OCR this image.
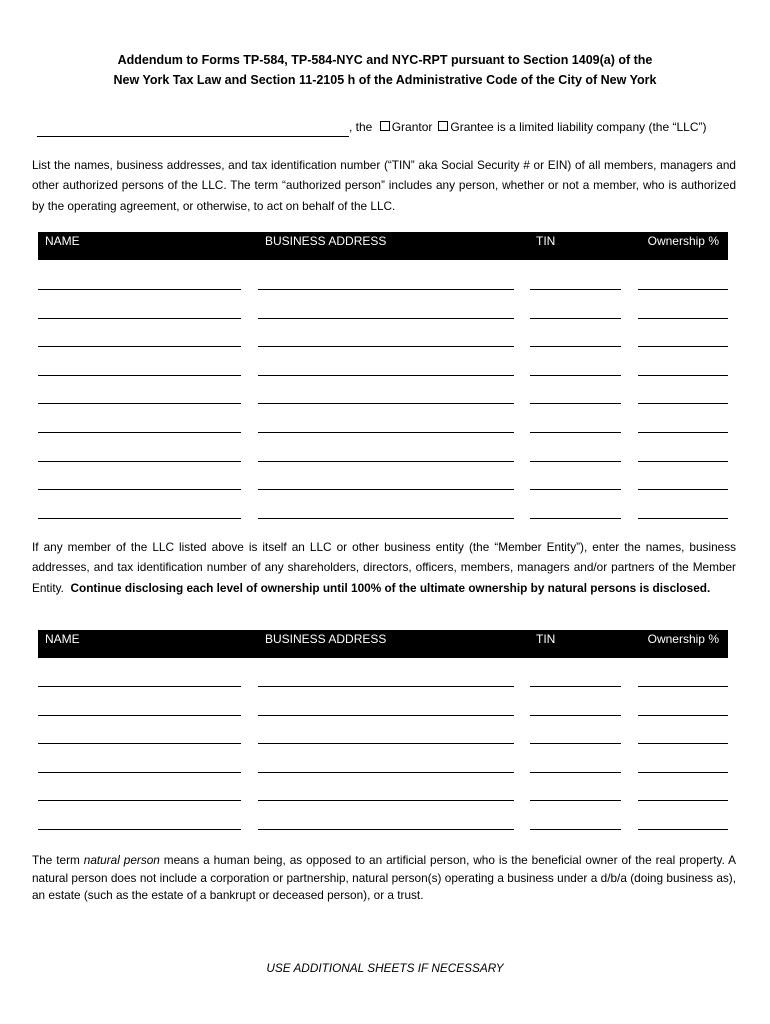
Addendum to Forms TP-584, TP-584-NYC and NYC-RPT pursuant to Section 1409(a) of the
New York Tax Law and Section 11-2105 h of the Administrative Code of the City of New York
, the Grantor Grantee is a limited liability company (the “LLC”)
List the names, business addresses, and tax identification number (“TIN” aka Social Security # or EIN) of all members, managers and other authorized persons of the LLC. The term “authorized person” includes any person, whether or not a member, who is authorized by the operating agreement, or otherwise, to act on behalf of the LLC.
NAME	BUSINESS ADDRESS	TIN	Ownership %
If any member of the LLC listed above is itself an LLC or other business entity (the “Member Entity”), enter the names, business addresses, and tax identification number of any shareholders, directors, officers, members, managers and/or partners of the Member Entity. Continue disclosing each level of ownership until 100% of the ultimate ownership by natural persons is disclosed.
NAME	BUSINESS ADDRESS	TIN	Ownership %
The term natural person means a human being, as opposed to an artificial person, who is the beneficial owner of the real property. A natural person does not include a corporation or partnership, natural person(s) operating a business under a d/b/a (doing business as), an estate (such as the estate of a bankrupt or deceased person), or a trust.
USE ADDITIONAL SHEETS IF NECESSARY
